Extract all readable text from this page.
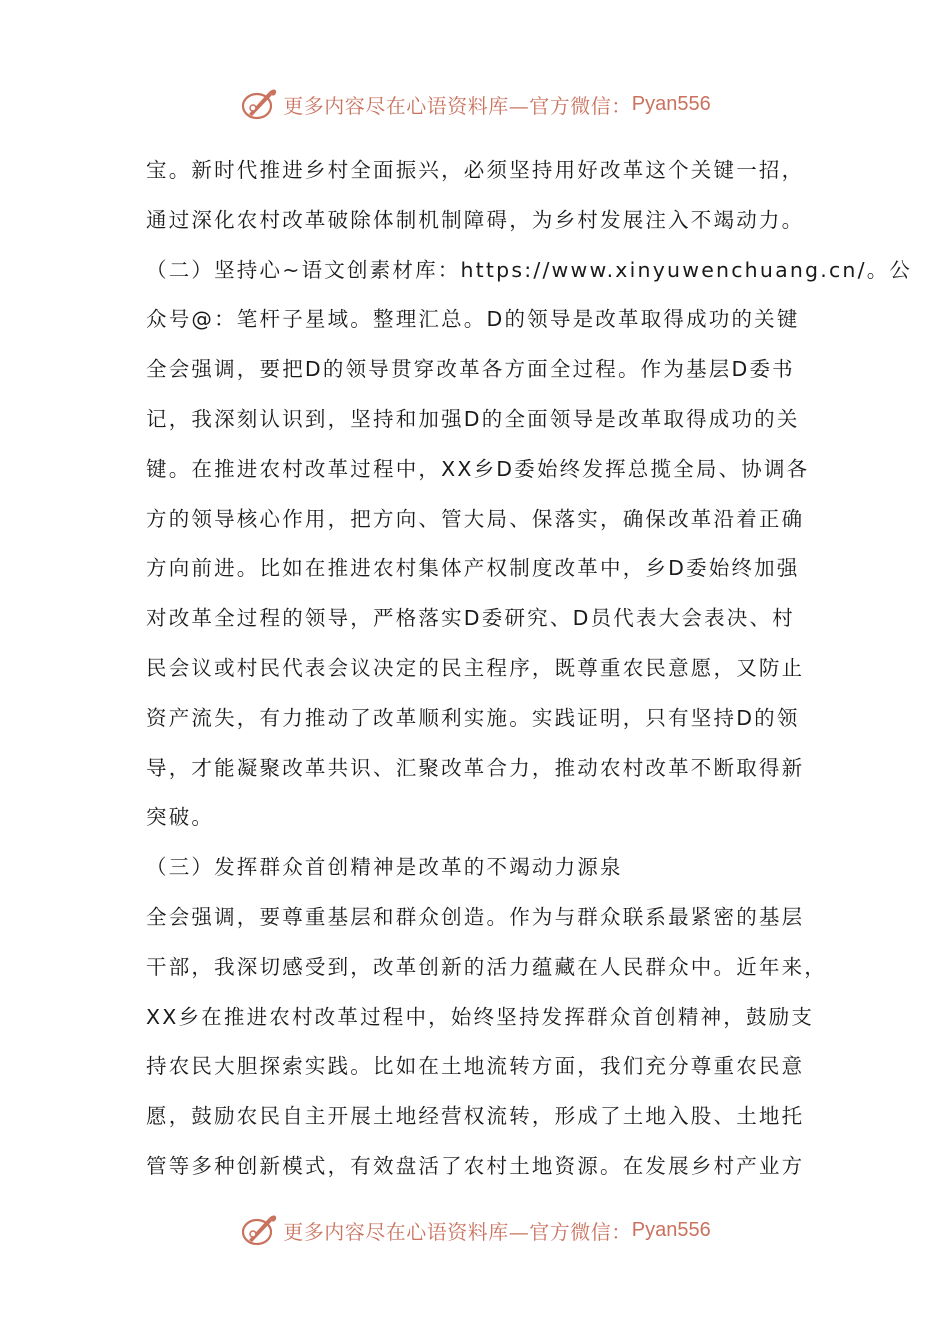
更多内容尽在心语资料库—官方微信： Pyan556
宝。新时代推进乡村全面振兴，必须坚持用好改革这个关键一招，
通过深化农村改革破除体制机制障碍，为乡村发展注入不竭动力。
（二）坚持心~语文创素材库：https://www.xinyuwenchuang.cn/。公
众号@：笔杆子星域。整理汇总。D的领导是改革取得成功的关键
全会强调，要把D的领导贯穿改革各方面全过程。作为基层D委书
记，我深刻认识到，坚持和加强D的全面领导是改革取得成功的关
键。在推进农村改革过程中，XX乡D委始终发挥总揽全局、协调各
方的领导核心作用，把方向、管大局、保落实，确保改革沿着正确
方向前进。比如在推进农村集体产权制度改革中，乡D委始终加强
对改革全过程的领导，严格落实D委研究、D员代表大会表决、村
民会议或村民代表会议决定的民主程序，既尊重农民意愿，又防止
资产流失，有力推动了改革顺利实施。实践证明，只有坚持D的领
导，才能凝聚改革共识、汇聚改革合力，推动农村改革不断取得新
突破。
（三）发挥群众首创精神是改革的不竭动力源泉
全会强调，要尊重基层和群众创造。作为与群众联系最紧密的基层
干部，我深切感受到，改革创新的活力蕴藏在人民群众中。近年来，
XX乡在推进农村改革过程中，始终坚持发挥群众首创精神，鼓励支
持农民大胆探索实践。比如在土地流转方面，我们充分尊重农民意
愿，鼓励农民自主开展土地经营权流转，形成了土地入股、土地托
管等多种创新模式，有效盘活了农村土地资源。在发展乡村产业方
更多内容尽在心语资料库—官方微信： Pyan556
